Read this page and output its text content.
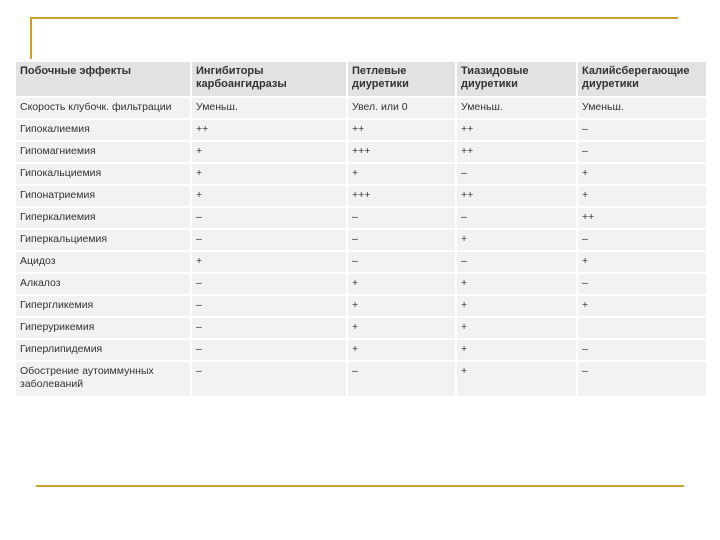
Побочные эффекты	Ингибиторы карбоангидразы	Петлевые диуретики	Тиазидовые диуретики	Калийсберегающие диуретики
Скорость клубочк. фильтрации	Уменьш.	Увел. или 0	Уменьш.	Уменьш.
Гипокалиемия	++	++	++	–
Гипомагниемия	+	+++	++	–
Гипокальциемия	+	+	–	+
Гипонатриемия	+	+++	++	+
Гиперкалиемия	–	–	–	++
Гиперкальциемия	–	–	+	–
Ацидоз	+	–	–	+
Алкалоз	–	+	+	–
Гипергликемия	–	+	+	+
Гиперурикемия	–	+	+	
Гиперлипидемия	–	+	+	–
Обострение аутоиммунных заболеваний	–	–	+	–
